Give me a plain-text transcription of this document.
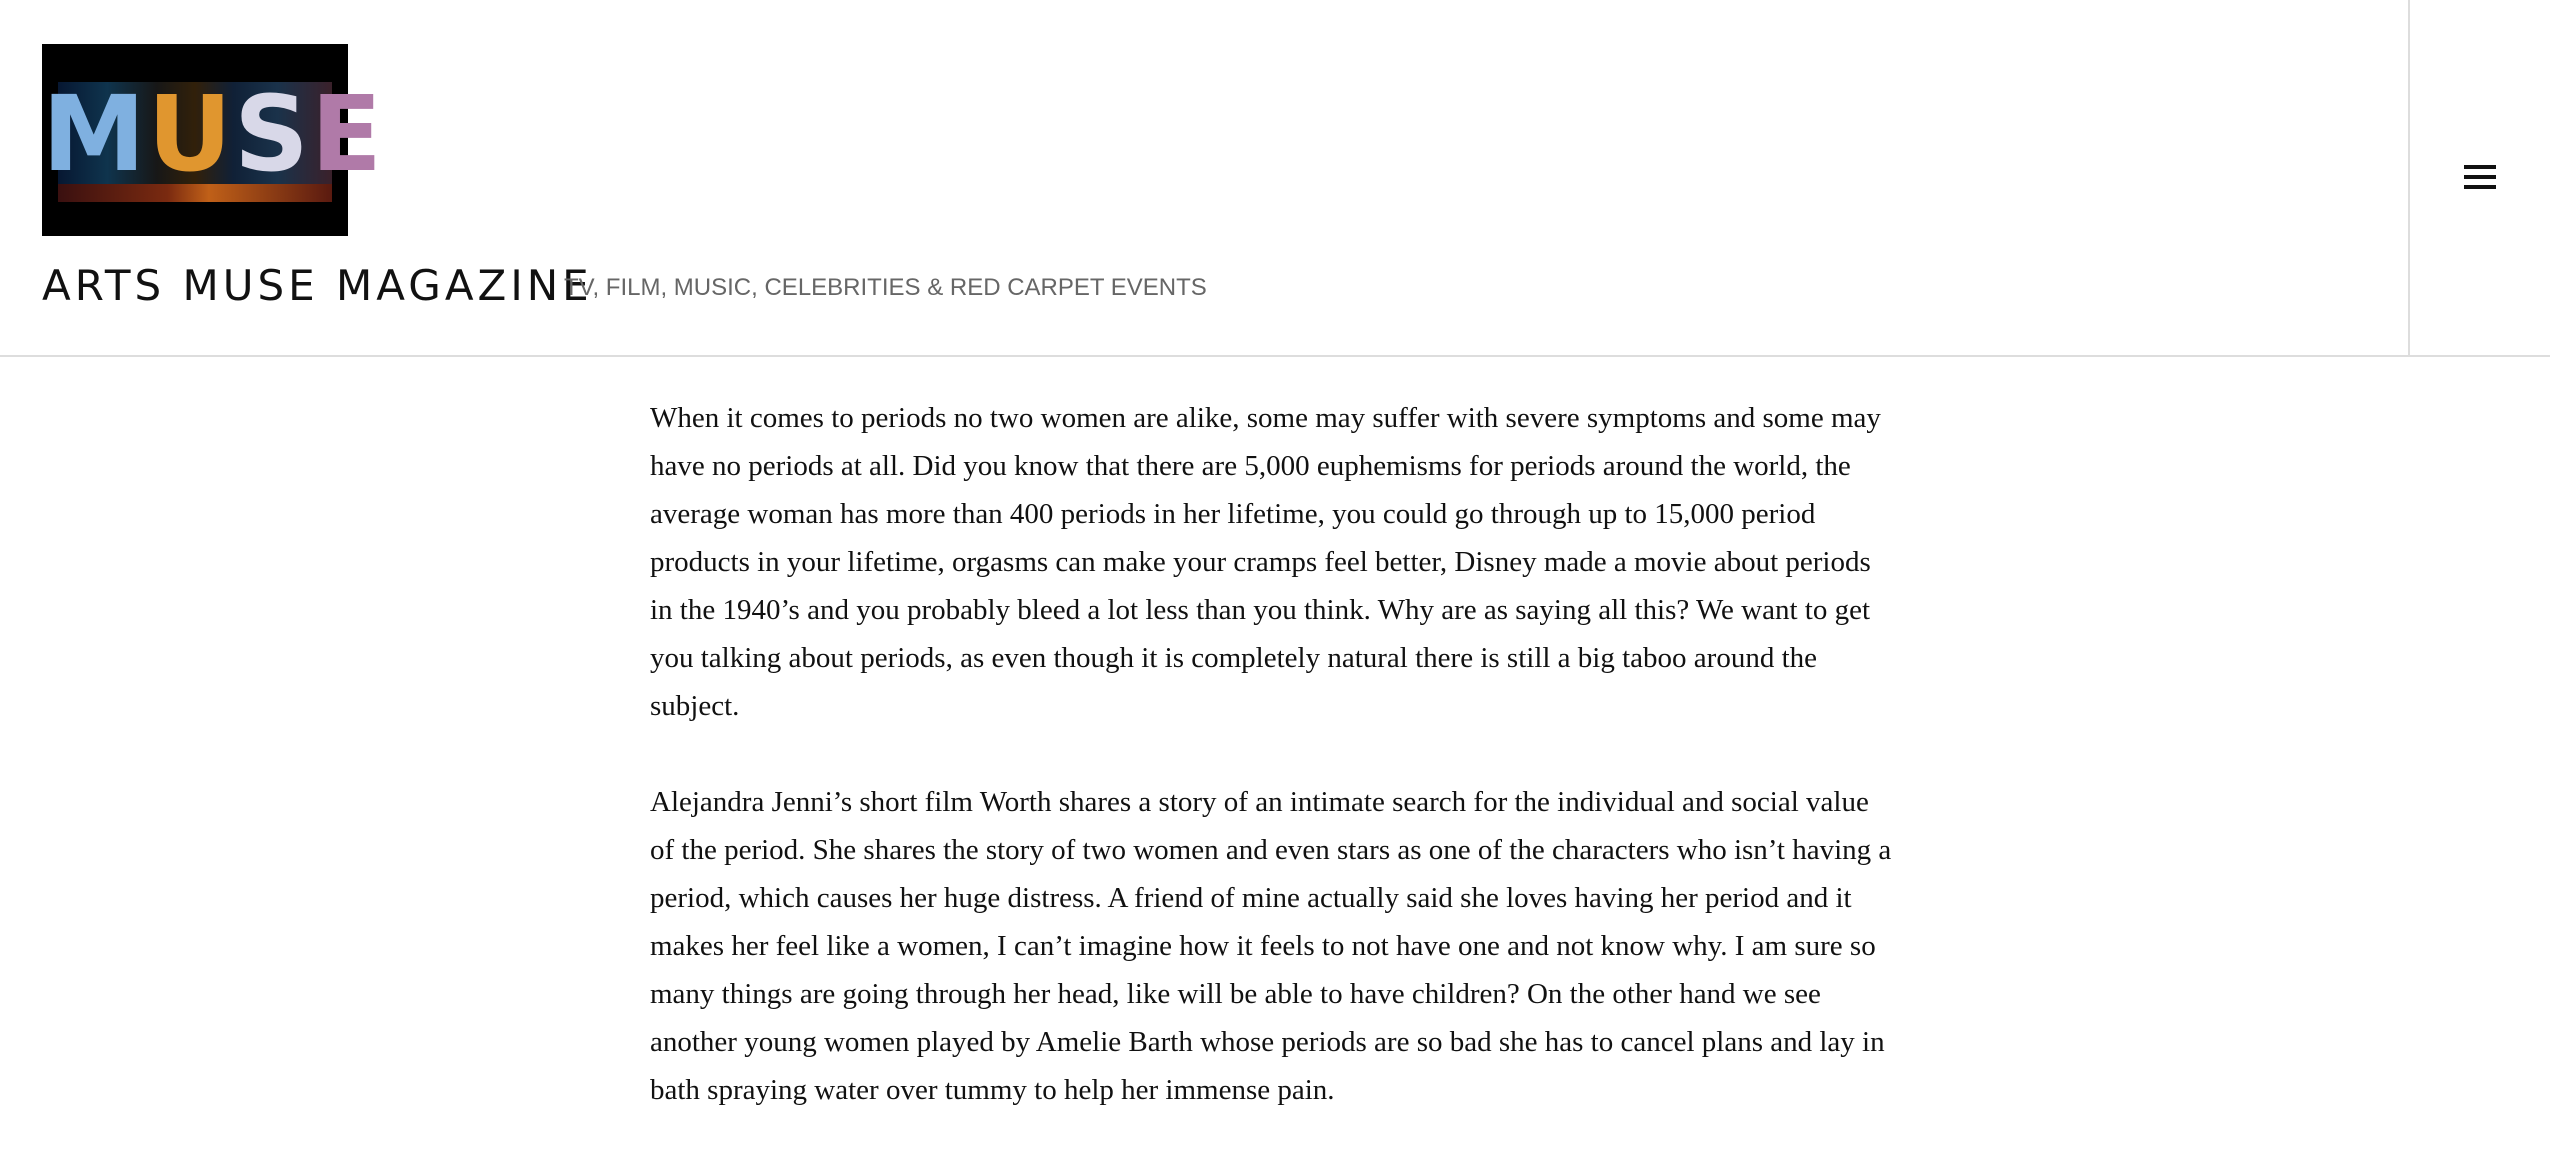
MUSE
ARTS MUSE MAGAZINE

TV, FILM, MUSIC, CELEBRITIES & RED CARPET EVENTS

When it comes to periods no two women are alike, some may suffer with severe symptoms and some may have no periods at all. Did you know that there are 5,000 euphemisms for periods around the world, the average woman has more than 400 periods in her lifetime, you could go through up to 15,000 period products in your lifetime, orgasms can make your cramps feel better, Disney made a movie about periods in the 1940’s and you probably bleed a lot less than you think. Why are as saying all this? We want to get you talking about periods, as even though it is completely natural there is still a big taboo around the subject.

Alejandra Jenni’s short film Worth shares a story of an intimate search for the individual and social value of the period. She shares the story of two women and even stars as one of the characters who isn’t having a period, which causes her huge distress. A friend of mine actually said she loves having her period and it makes her feel like a women, I can’t imagine how it feels to not have one and not know why. I am sure so many things are going through her head, like will be able to have children? On the other hand we see another young women played by Amelie Barth whose periods are so bad she has to cancel plans and lay in bath spraying water over tummy to help her immense pain.
